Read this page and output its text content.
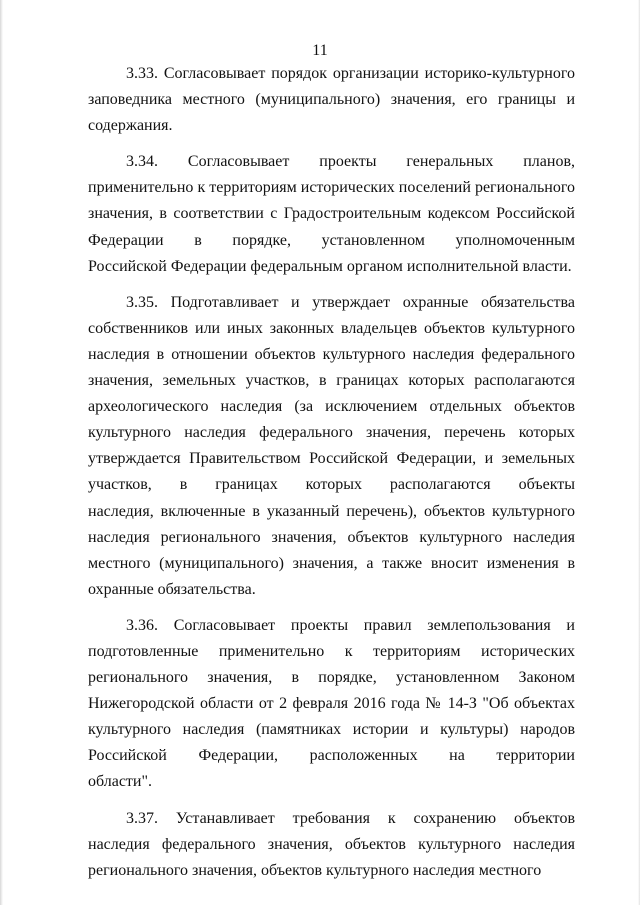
11
3.33. Согласовывает порядок организации историко-культурного
заповедника местного (муниципального) значения, его границы и
содержания.
3.34. Согласовывает проекты генеральных планов,
применительно к территориям исторических поселений регионального
значения, в соответствии с Градостроительным кодексом Российской
Федерации в порядке, установленном уполномоченным
Российской Федерации федеральным органом исполнительной власти.
3.35. Подготавливает и утверждает охранные обязательства
собственников или иных законных владельцев объектов культурного
наследия в отношении объектов культурного наследия федерального
значения, земельных участков, в границах которых располагаются
археологического наследия (за исключением отдельных объектов
культурного наследия федерального значения, перечень которых
утверждается Правительством Российской Федерации, и земельных
участков, в границах которых располагаются объекты
наследия, включенные в указанный перечень), объектов культурного
наследия регионального значения, объектов культурного наследия
местного (муниципального) значения, а также вносит изменения в
охранные обязательства.
3.36. Согласовывает проекты правил землепользования и
подготовленные применительно к территориям исторических
регионального значения, в порядке, установленном Законом
Нижегородской области от 2 февраля 2016 года № 14-З "Об объектах
культурного наследия (памятниках истории и культуры) народов
Российской Федерации, расположенных на территории
области".
3.37. Устанавливает требования к сохранению объектов
наследия федерального значения, объектов культурного наследия
регионального значения, объектов культурного наследия местного
